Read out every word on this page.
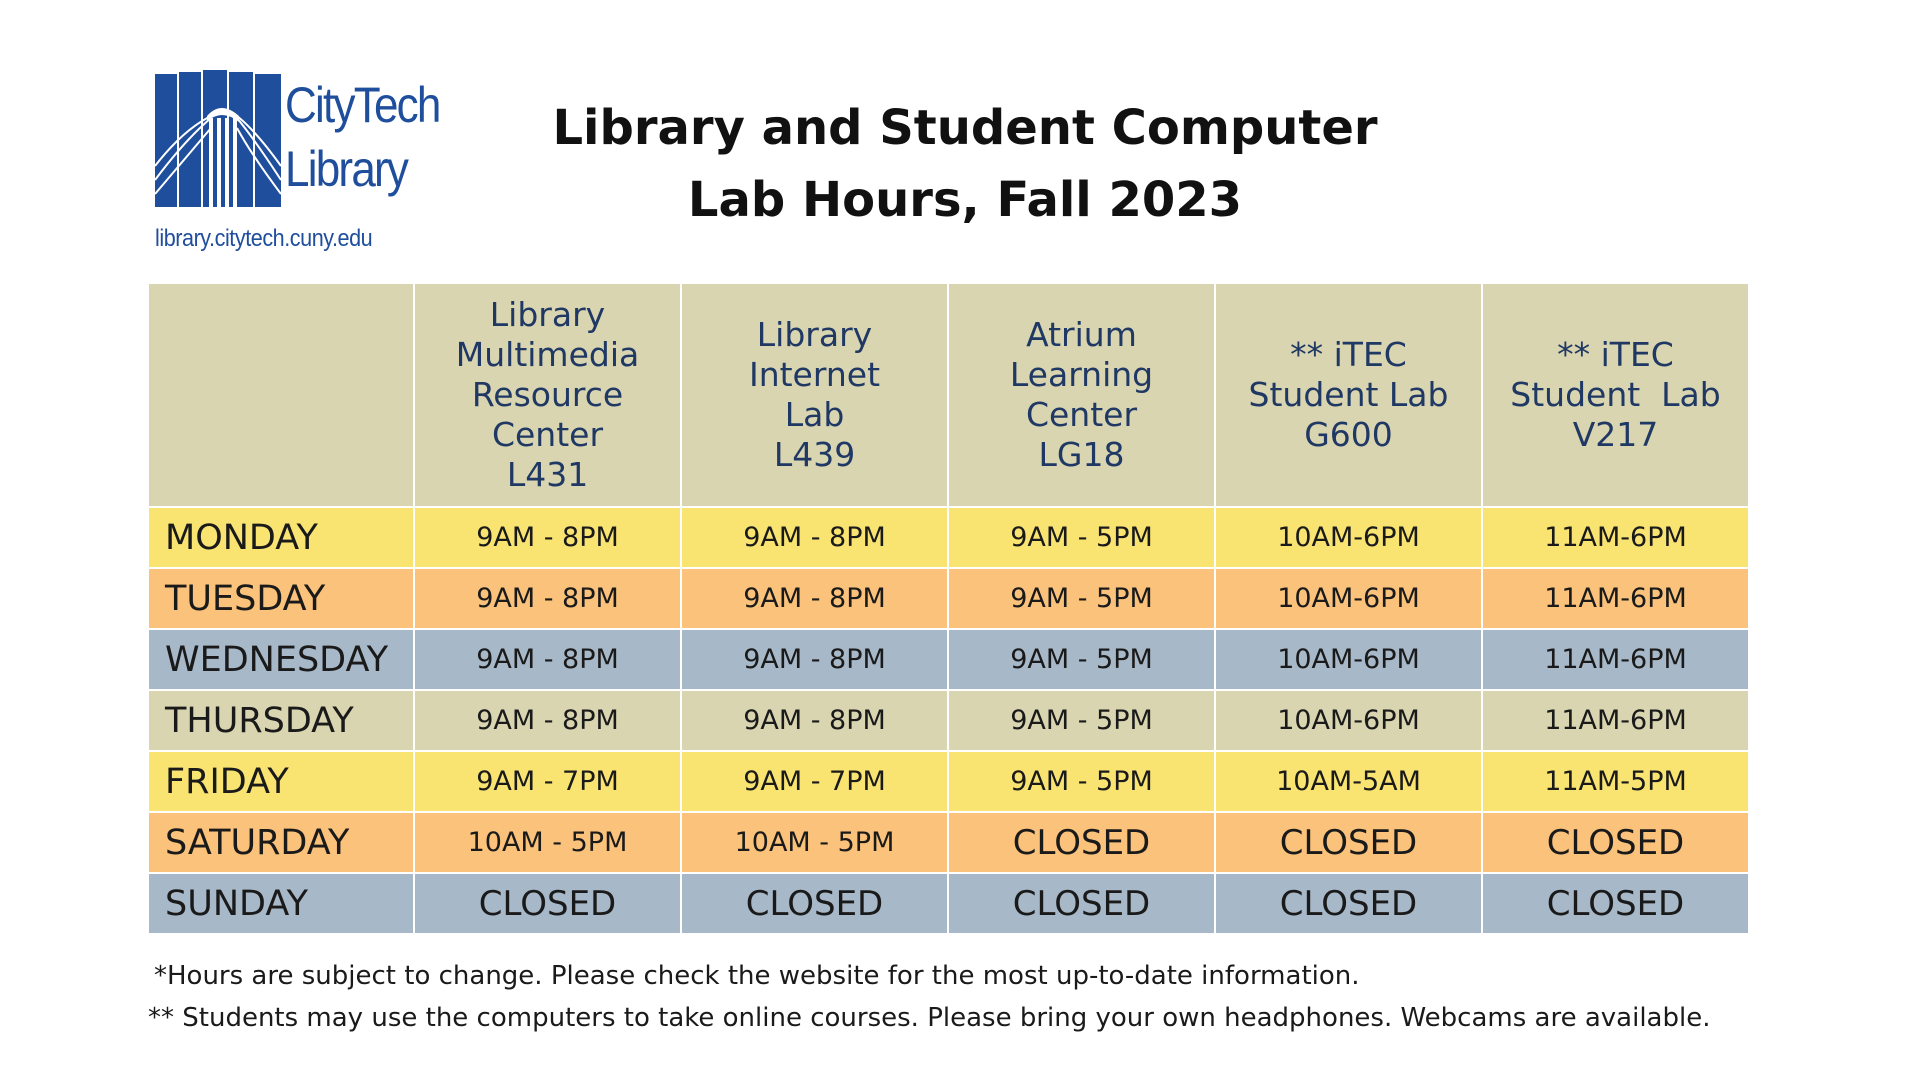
CityTech
Library
library.citytech.cuny.edu
Library and Student Computer
Lab Hours, Fall 2023

	Library
Multimedia
Resource
Center
L431	Library
Internet
Lab
L439	Atrium
Learning
Center
LG18	** iTEC
Student Lab
G600	** iTEC
Student  Lab
V217

MONDAY	9AM - 8PM	9AM - 8PM	9AM - 5PM	10AM-6PM	11AM-6PM
TUESDAY	9AM - 8PM	9AM - 8PM	9AM - 5PM	10AM-6PM	11AM-6PM
WEDNESDAY	9AM - 8PM	9AM - 8PM	9AM - 5PM	10AM-6PM	11AM-6PM
THURSDAY	9AM - 8PM	9AM - 8PM	9AM - 5PM	10AM-6PM	11AM-6PM
FRIDAY	9AM - 7PM	9AM - 7PM	9AM - 5PM	10AM-5AM	11AM-5PM
SATURDAY	10AM - 5PM	10AM - 5PM	CLOSED	CLOSED	CLOSED
SUNDAY	CLOSED	CLOSED	CLOSED	CLOSED	CLOSED
*Hours are subject to change. Please check the website for the most up-to-date information.
** Students may use the computers to take online courses. Please bring your own headphones. Webcams are available.
